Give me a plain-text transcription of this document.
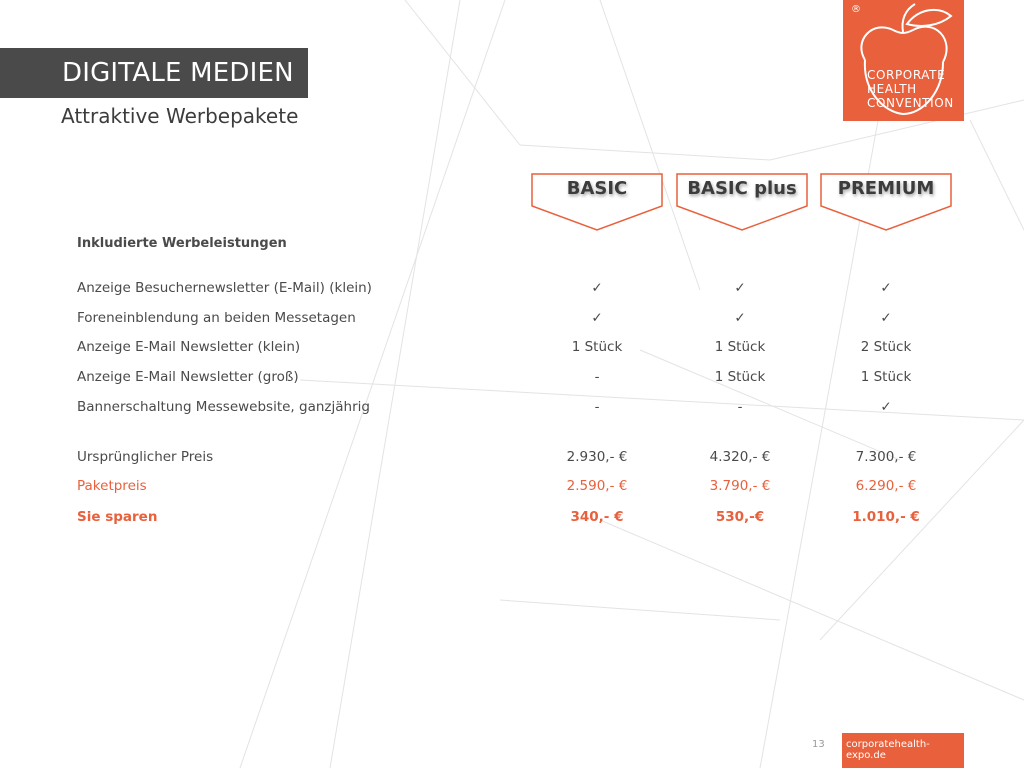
DIGITALE MEDIEN
Attraktive Werbepakete
®
CORPORATE
HEALTH
CONVENTION
BASIC	BASIC plus	PREMIUM
Inkludierte Werbeleistungen
Anzeige Besuchernewsletter (E-Mail) (klein)	✓	✓	✓
Foreneinblendung an beiden Messetagen	✓	✓	✓
Anzeige E-Mail Newsletter (klein)	1 Stück	1 Stück	2 Stück
Anzeige E-Mail Newsletter (groß)	-	1 Stück	1 Stück
Bannerschaltung Messewebsite, ganzjährig	-	-	✓
Ursprünglicher Preis	2.930,- €	4.320,- €	7.300,- €
Paketpreis	2.590,- €	3.790,- €	6.290,- €
Sie sparen	340,- €	530,-€	1.010,- €
13	corporatehealth-expo.de
